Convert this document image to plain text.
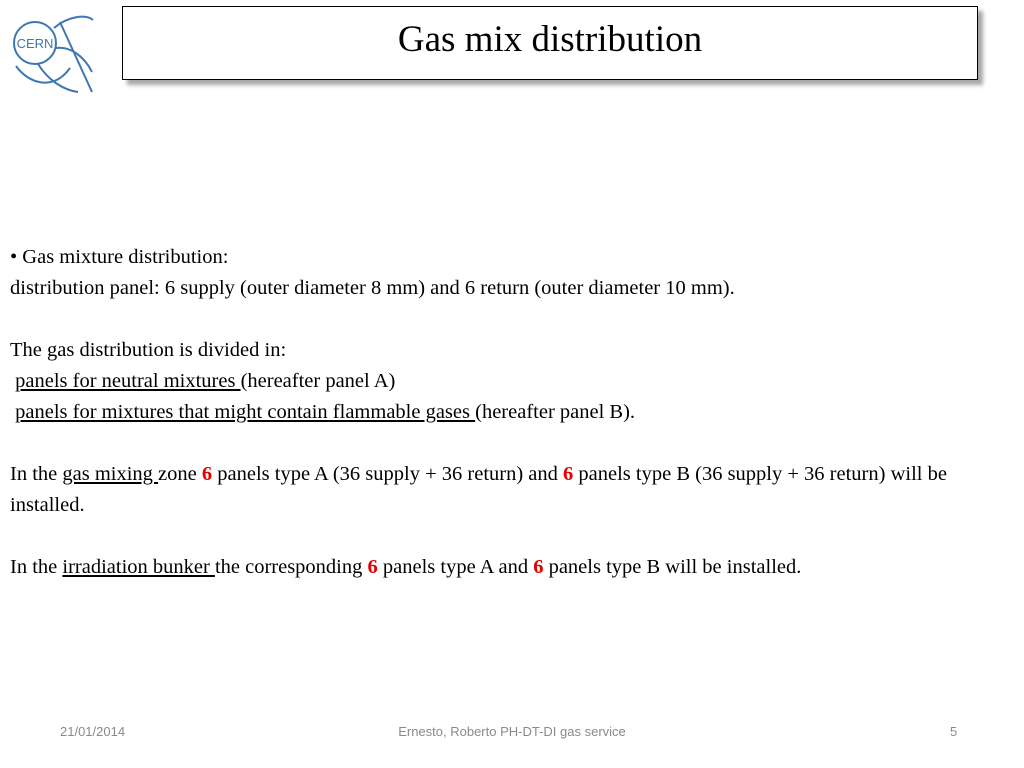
CERN	Gas mix distribution

• Gas mixture distribution:

distribution panel: 6 supply (outer diameter 8 mm) and 6 return (outer diameter 10 mm).

The gas distribution is divided in:

panels for neutral mixtures (hereafter panel A)

panels for mixtures that might contain flammable gases (hereafter panel B).

In the gas mixing zone 6 panels type A (36 supply + 36 return) and 6 panels type B (36 supply + 36 return) will be installed.

In the irradiation bunker the corresponding 6 panels type A and 6 panels type B will be installed.

21/01/2014	Ernesto, Roberto PH-DT-DI gas service	5
